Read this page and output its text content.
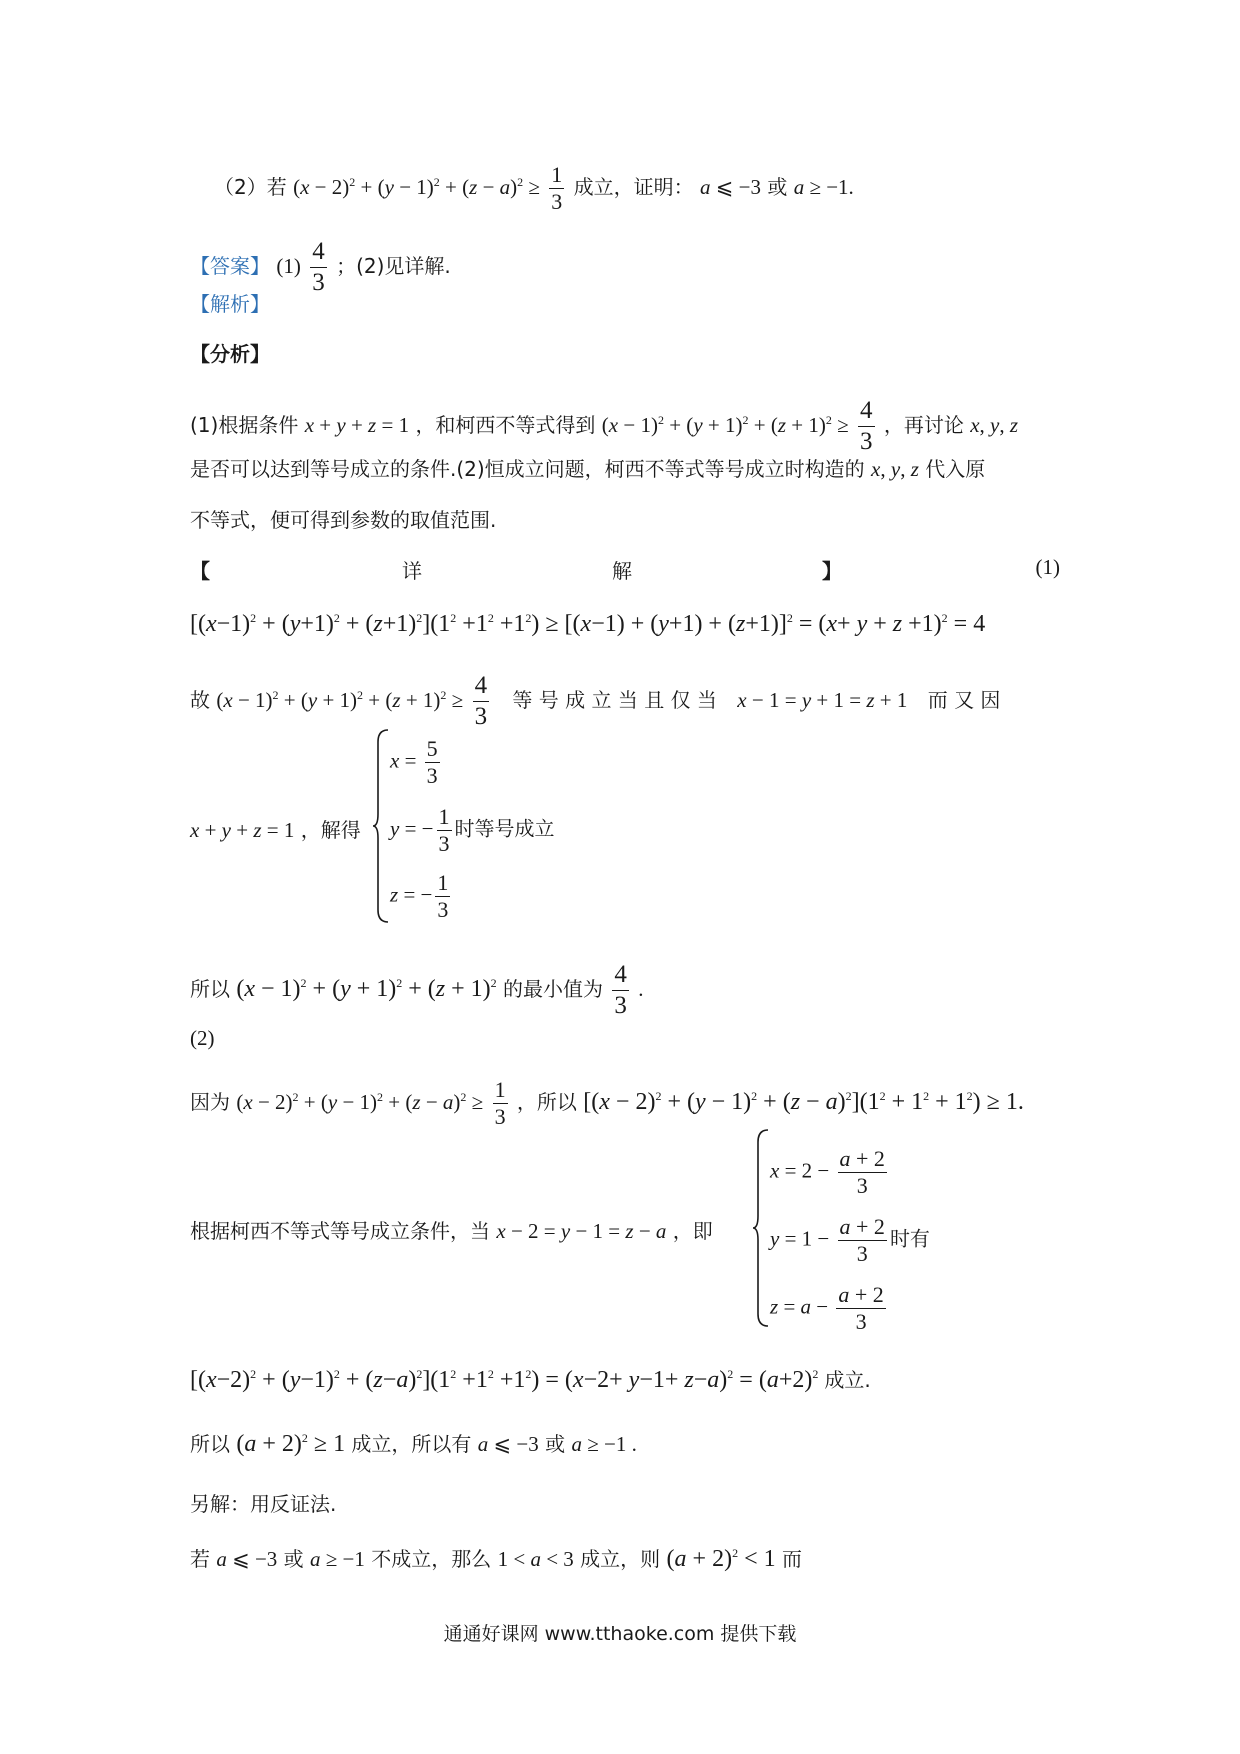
（2）若 $(x - 2)^2 + (y - 1)^2 + (z - a)^2 \ge \frac{1}{3}$ 成立，证明： a ⩽ −3 或 a ≥ −1.
【答案】 $(1) \frac{4}{3}$ ；(2)见详解.
【解析】
【分析】
(1)根据条件 x + y + z = 1 ，和柯西不等式得到 $(x - 1)^2 + (y + 1)^2 + (z + 1)^2 \ge \frac{4}{3}$ ，再讨论 x, y, z
是否可以达到等号成立的条件.(2)恒成立问题，柯西不等式等号成立时构造的 x, y, z 代入原
不等式，便可得到参数的取值范围.
【	详	解	】	(1)
$[(x-1)^2 + (y+1)^2 + (z+1)^2](1^2 +1^2 +1^2) \ge [(x-1) + (y+1) + (z+1)]^2 = (x+ y + z +1)^2 = 4$
故 $(x - 1)^2 + (y + 1)^2 + (z + 1)^2 \ge \frac{4}{3}$ 等 号 成 立 当 且 仅 当 x − 1 = y + 1 = z + 1 而 又 因
x + y + z = 1 ，解得
$x = \frac{5}{3}$
y = − $\frac{1}{3}$ 时等号成立
z = − $\frac{1}{3}$
所以 $(x - 1)^2 + (y + 1)^2 + (z + 1)^2$ 的最小值为 $\frac{4}{3}$ .
(2)
因为 $(x - 2)^2 + (y - 1)^2 + (z - a)^2 \ge \frac{1}{3}$ ，所以 $[(x - 2)^2 + (y - 1)^2 + (z - a)^2](1^2 + 1^2 + 1^2) \ge 1$.
根据柯西不等式等号成立条件，当 x − 2 = y − 1 = z − a ，即
$x = 2 - \frac{a + 2}{3}$
$y = 1 - \frac{a + 2}{3}$ 时有
$z = a - \frac{a + 2}{3}$
$[(x-2)^2 + (y-1)^2 + (z-a)^2](1^2 +1^2 +1^2) = (x-2+ y-1+ z-a)^2 = (a+2)^2$ 成立.
所以 $(a + 2)^2 \ge 1$ 成立，所以有 a ⩽ −3 或 a ≥ −1 .
另解：用反证法.
若 a ⩽ −3 或 a ≥ −1 不成立，那么 1 < a < 3 成立，则 $(a + 2)^2 < 1$ 而
通通好课网 www.tthaoke.com 提供下载
